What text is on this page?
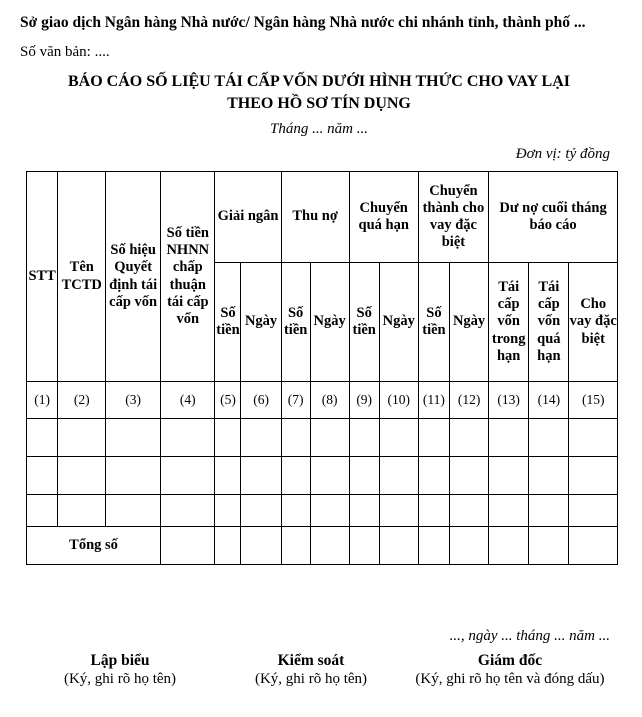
Sở giao dịch Ngân hàng Nhà nước/ Ngân hàng Nhà nước chi nhánh tỉnh, thành phố ...

Số văn bản: ....

BÁO CÁO SỐ LIỆU TÁI CẤP VỐN DƯỚI HÌNH THỨC CHO VAY LẠI
THEO HỒ SƠ TÍN DỤNG

Tháng ... năm ...

Đơn vị: tỷ đồng

STT	Tên TCTD	Số hiệu Quyết định tái cấp vốn	Số tiền NHNN chấp thuận tái cấp vốn	Giải ngân		Thu nợ		Chuyển quá hạn		Chuyển thành cho vay đặc biệt		Dư nợ cuối tháng báo cáo		
				Số tiền	Ngày	Số tiền	Ngày	Số tiền	Ngày	Số tiền	Ngày	Tái cấp vốn trong hạn	Tái cấp vốn quá hạn	Cho vay đặc biệt
(1)	(2)	(3)	(4)	(5)	(6)	(7)	(8)	(9)	(10)	(11)	(12)	(13)	(14)	(15)

Tổng số														

..., ngày ... tháng ... năm ...

Lập biểu
(Ký, ghi rõ họ tên)
Kiểm soát
(Ký, ghi rõ họ tên)
Giám đốc
(Ký, ghi rõ họ tên và đóng dấu)
